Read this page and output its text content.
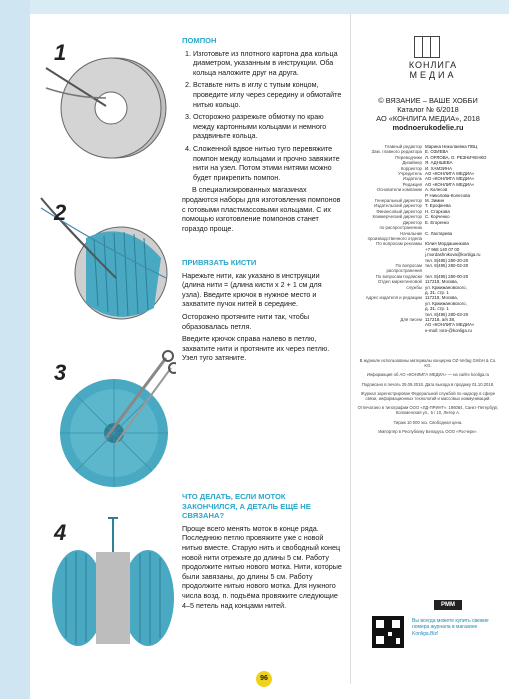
1
2
3
4
ПОМПОН
1. Изготовьте из плотного картона два кольца диаметром, указанным в инструкции. Оба кольца наложите друг на друга.
2. Вставьте нить в иглу с тупым концом, проведите иглу через середину и обмотайте нитью кольцо.
3. Осторожно разрежьте обмотку по краю между картонными кольцами и немного раздвиньте кольца.
4. Сложенной вдвое нитью туго перевяжите помпон между кольцами и прочно завяжите нити на узел. Потом этими нитями можно будет прикрепить помпон.

В специализированных магазинах продаются наборы для изготовления помпонов с готовыми пластмассовыми кольцами. С их помощью изготовление помпонов станет гораздо проще.

ПРИВЯЗАТЬ КИСТИ

Нарежьте нити, как указано в инструкции (длина нити = (длина кисти х 2 + 1 см для узла). Введите крючок в нужное место и захватите пучок нитей в середине.

Осторожно протяните нити так, чтобы образовалась петля.

Введите крючок справа налево в петлю, захватите нити и протяните их через петлю. Узел туго затяните.

ЧТО ДЕЛАТЬ, ЕСЛИ МОТОК ЗАКОНЧИЛСЯ, А ДЕТАЛЬ ЕЩЁ НЕ СВЯЗАНА?

Проще всего менять моток в конце ряда. Последнюю петлю провяжите уже с новой нитью вместе. Старую нить и свободный конец новой нити отрежьте до длины 5 см. Работу продолжите нитью нового мотка. Нити, которые были завязаны, до длины 5 см. Работу продолжите нитью нового мотка. Для нужного числа возд. п. подъёма провяжите следующие 4–5 петель над концами нитей.

КОНЛИГА
МЕДИА
© ВЯЗАНИЕ – ВАШЕ ХОББИ
Каталог № 6/2018
АО «КОНЛИГА МЕДИА», 2018
modnoerukodelie.ru
Главный редактор Марина Николаевна ПВЦ
Зам. главного редактора Е. ОЗИЕВА
Переводчики Л. ОРЛОВА, О. РЕЗНИЧЕНКО
Дизайнер Я. АДНШЕВА
Корректор И. ХАМЗИНА
Учредитель АО «КОНЛИГА МЕДИА»
Издатель АО «КОНЛИГА МЕДИА»
Редакция АО «КОНЛИГА МЕДИА»
Основатели компании А. Колесов
Р. Николова-Колесова
Генеральный директор М. Зимин
Издательский директор Т. Ерофеева
Финансовый директор Н. Старкова
Коммерческий директор С. Корченко
Директор Е. Егоренко
по распространению
Начальник С. Лахтарева
производственного отдела
По вопросам рекламы Юлия Мордашникова
+7 968 140 07 00
j.mordashnikova@konliga.ru
тел. 8(495) 280-20-20
По вопросам тел. 8(495) 280-02-20
распространения
По вопросам подписки тел. 8(495) 280-00-20
Отдел маркетинговой 117218, Москва,
службы ул. Кржижановского,
д. 31, стр. 1
Адрес издателя и редакции 117218, Москва,
ул. Кржижановского,
д. 31, стр. 1
тел. 8(495) 280-03-20
Для писем 117218, а/я 38,
АО «КОНЛИГА МЕДИА»
e-mail: Iora-@konliga.ru
В журнале использованы материалы концерна OZ-Verlag GmbH & Co. KG.
Информация об АО «КОНЛИГА МЕДИА» — на сайте konliga.ru
Подписано в печать 25.09.2018. Дата выхода в продажу 01.10.2018.
Журнал зарегистрирован Федеральной службой по надзору в сфере связи, информационных технологий и массовых коммуникаций.
Отпечатано в типографии ООО «ЛД-ПРИНТ». 196084, Санкт-Петербург, Коломенская ул., 5 / 10, Литер А.
Тираж 10 000 экз. Свободная цена.
Импортёр в Республику Беларусь ООО «Росчерк».
PMM
Вы всегда можете купить свежие номера журнала в магазине Konliga.Biz!
96
